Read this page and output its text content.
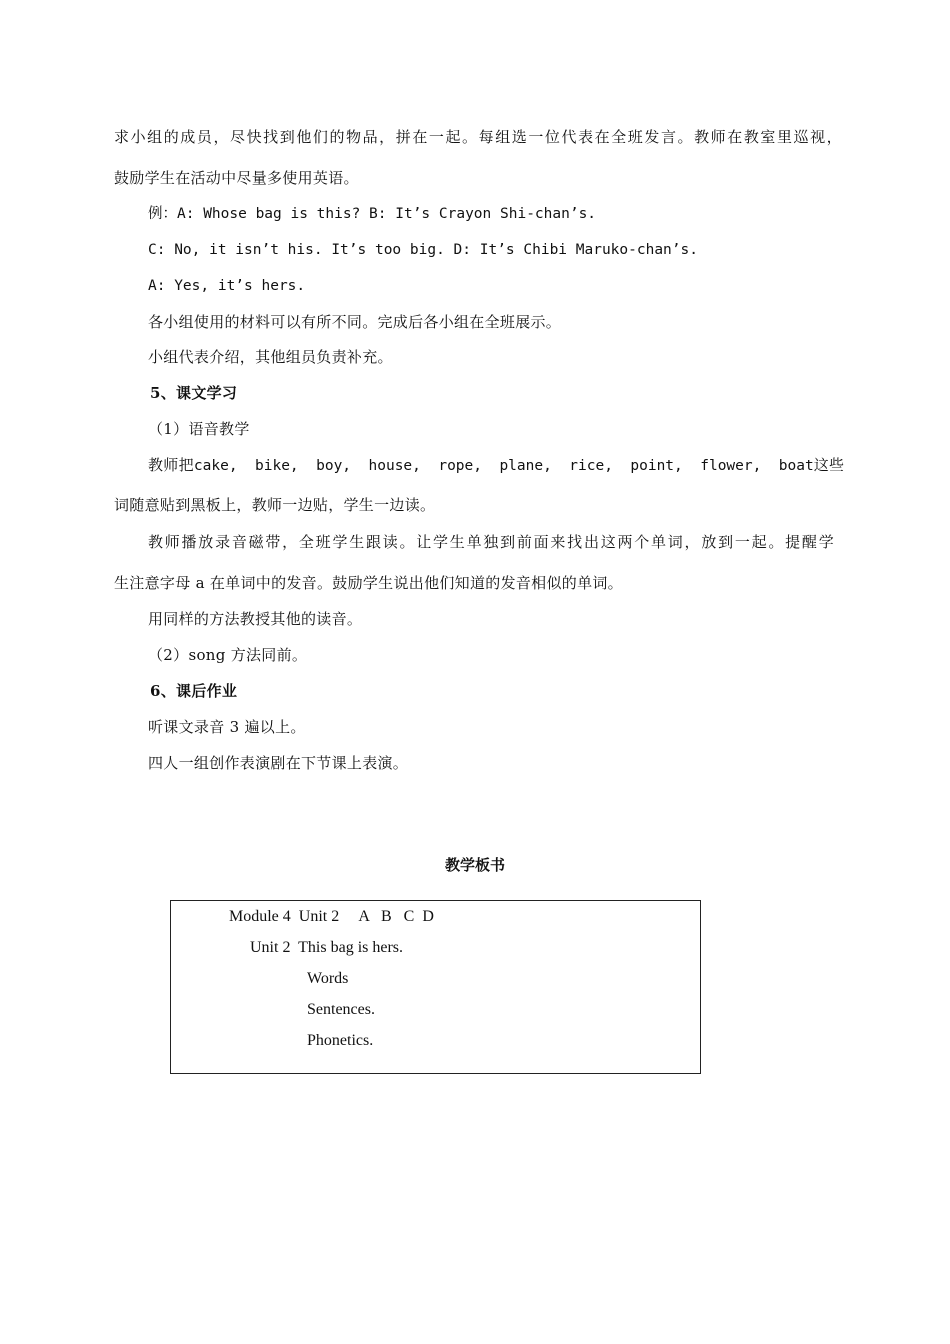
求小组的成员，尽快找到他们的物品，拼在一起。每组选一位代表在全班发言。教师在教室里巡视，
鼓励学生在活动中尽量多使用英语。
例：A: Whose bag is this? B: It’s Crayon Shi-chan’s.
C: No, it isn’t his. It’s too big. D: It’s Chibi Maruko-chan’s.
A: Yes, it’s hers.
各小组使用的材料可以有所不同。完成后各小组在全班展示。
小组代表介绍，其他组员负责补充。
5、课文学习
（1）语音教学
教师把cake,  bike,  boy,  house,  rope,  plane,  rice,  point,  flower,  boat这些
词随意贴到黑板上，教师一边贴，学生一边读。
教师播放录音磁带，全班学生跟读。让学生单独到前面来找出这两个单词，放到一起。提醒学
生注意字母 a 在单词中的发音。鼓励学生说出他们知道的发音相似的单词。
用同样的方法教授其他的读音。
（2）song 方法同前。
6、课后作业
听课文录音 3 遍以上。
四人一组创作表演剧在下节课上表演。
教学板书
Module 4  Unit 2     A   B   C  D
Unit 2  This bag is hers.
Words
Sentences.
Phonetics.
